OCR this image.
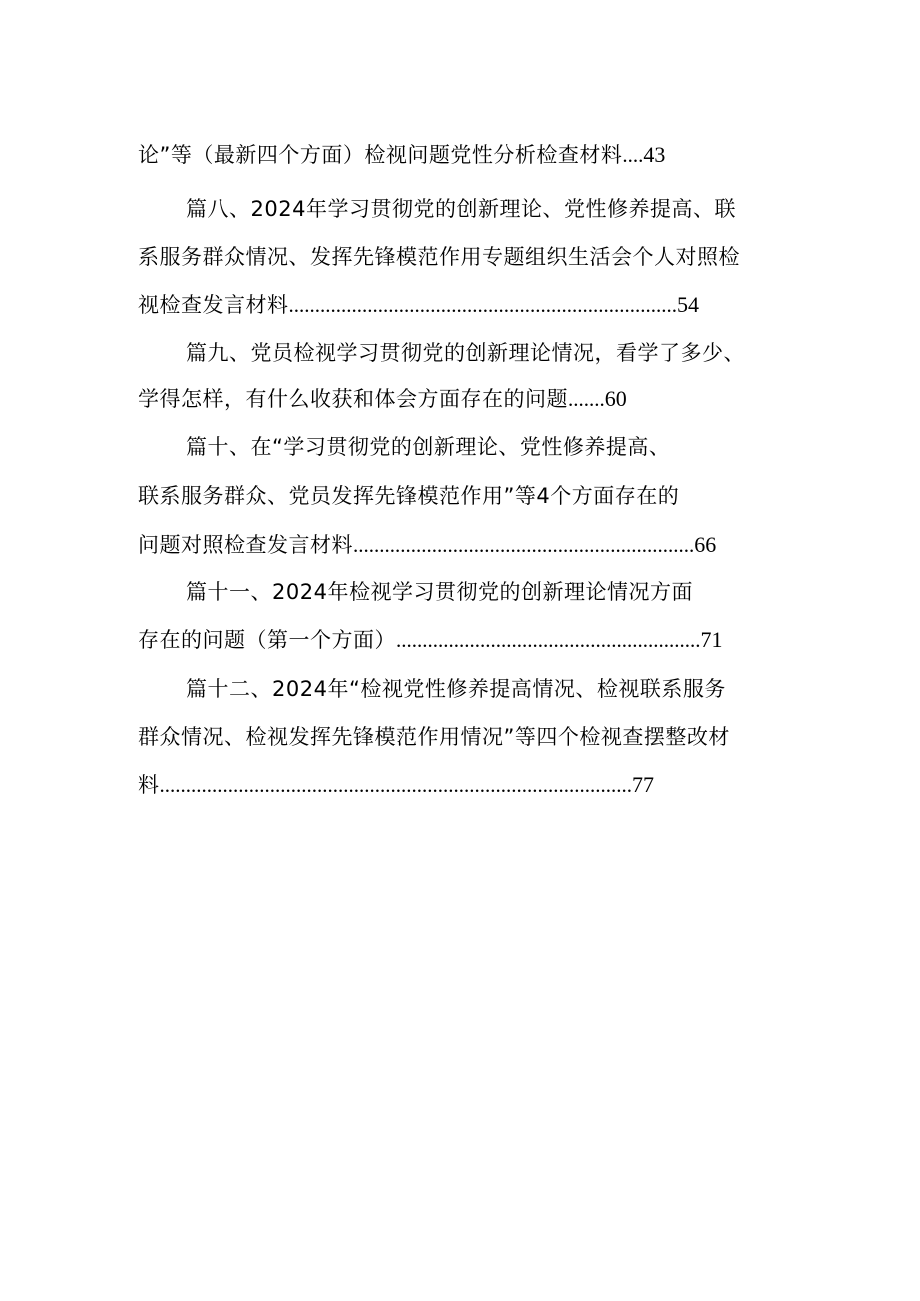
论”等（最新四个方面）检视问题党性分析检查材料....43
篇八、2024年学习贯彻党的创新理论、党性修养提高、联
系服务群众情况、发挥先锋模范作用专题组织生活会个人对照检
视检查发言材料..........................................................................54
篇九、党员检视学习贯彻党的创新理论情况，看学了多少、
学得怎样，有什么收获和体会方面存在的问题.......60
篇十、在“学习贯彻党的创新理论、党性修养提高、
联系服务群众、党员发挥先锋模范作用”等4个方面存在的
问题对照检查发言材料.................................................................66
篇十一、2024年检视学习贯彻党的创新理论情况方面
存在的问题（第一个方面）..........................................................71
篇十二、2024年“检视党性修养提高情况、检视联系服务
群众情况、检视发挥先锋模范作用情况”等四个检视查摆整改材
料..........................................................................................77
